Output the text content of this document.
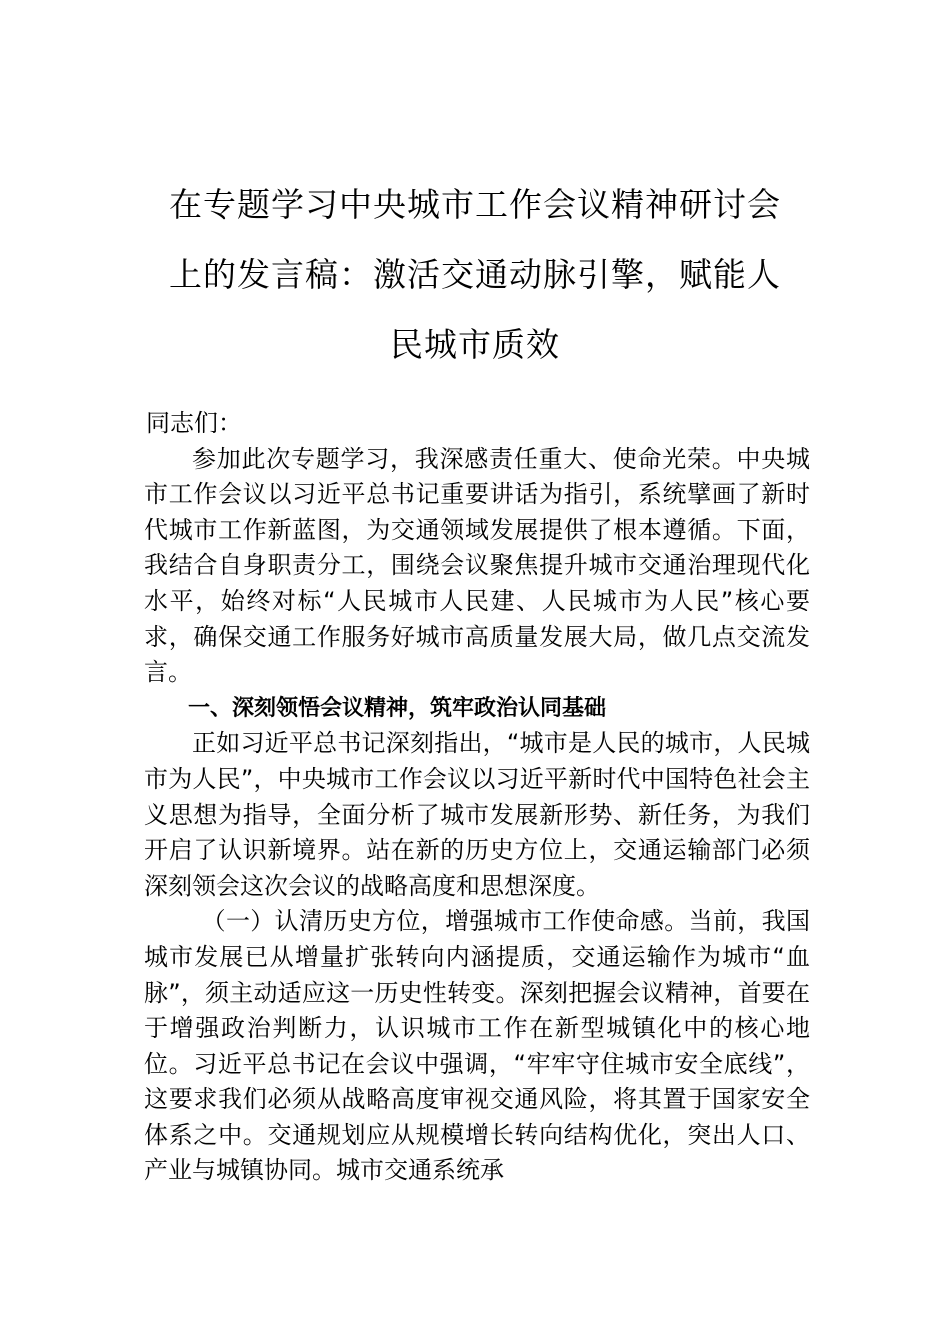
在专题学习中央城市工作会议精神研讨会
上的发言稿：激活交通动脉引擎，赋能人
民城市质效

同志们：

参加此次专题学习，我深感责任重大、使命光荣。中央城市工作会议以习近平总书记重要讲话为指引，系统擘画了新时代城市工作新蓝图，为交通领域发展提供了根本遵循。下面，我结合自身职责分工，围绕会议聚焦提升城市交通治理现代化水平，始终对标“人民城市人民建、人民城市为人民”核心要求，确保交通工作服务好城市高质量发展大局，做几点交流发言。

一、深刻领悟会议精神，筑牢政治认同基础

正如习近平总书记深刻指出，“城市是人民的城市，人民城市为人民”，中央城市工作会议以习近平新时代中国特色社会主义思想为指导，全面分析了城市发展新形势、新任务，为我们开启了认识新境界。站在新的历史方位上，交通运输部门必须深刻领会这次会议的战略高度和思想深度。

（一）认清历史方位，增强城市工作使命感。当前，我国城市发展已从增量扩张转向内涵提质，交通运输作为城市“血脉”，须主动适应这一历史性转变。深刻把握会议精神，首要在于增强政治判断力，认识城市工作在新型城镇化中的核心地位。习近平总书记在会议中强调，“牢牢守住城市安全底线”，这要求我们必须从战略高度审视交通风险，将其置于国家安全体系之中。交通规划应从规模增长转向结构优化，突出人口、产业与城镇协同。城市交通系统承
